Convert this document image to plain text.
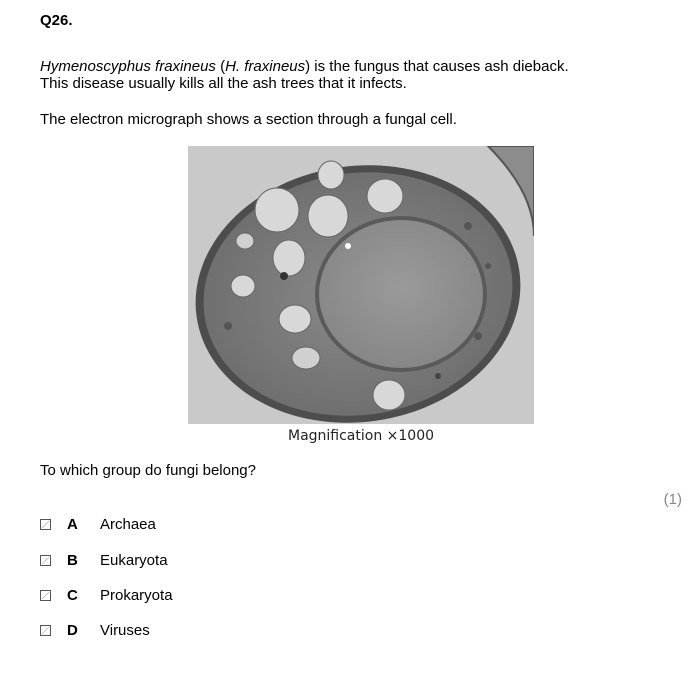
Q26.

Hymenoscyphus fraxineus (H. fraxineus) is the fungus that causes ash dieback.

This disease usually kills all the ash trees that it infects.

The electron micrograph shows a section through a fungal cell.
Magnification ×1000
To which group do fungi belong?
(1)
A Archaea
B Eukaryota
C Prokaryota
D Viruses
